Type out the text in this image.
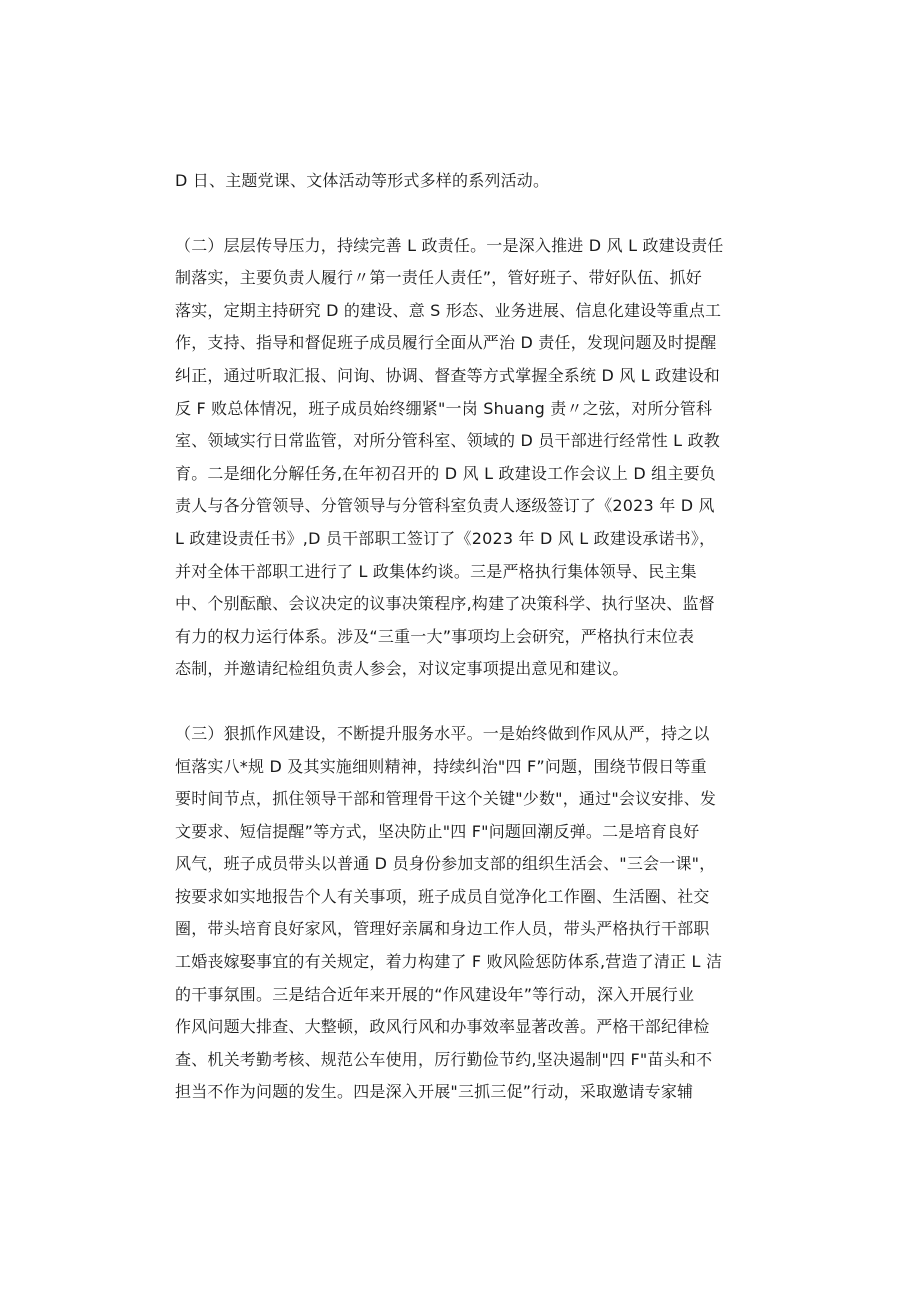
D 日、主题党课、文体活动等形式多样的系列活动。
（二）层层传导压力，持续完善 L 政责任。一是深入推进 D 风 L 政建设责任
制落实，主要负责人履行〃第一责任人责任”，管好班子、带好队伍、抓好
落实，定期主持研究 D 的建设、意 S 形态、业务进展、信息化建设等重点工
作，支持、指导和督促班子成员履行全面从严治 D 责任，发现问题及时提醒
纠正，通过听取汇报、问询、协调、督查等方式掌握全系统 D 风 L 政建设和
反 F 败总体情况，班子成员始终绷紧"一岗 Shuang 责〃之弦，对所分管科
室、领域实行日常监管，对所分管科室、领域的 D 员干部进行经常性 L 政教
育。二是细化分解任务,在年初召开的 D 风 L 政建设工作会议上 D 组主要负
责人与各分管领导、分管领导与分管科室负责人逐级签订了《2023 年 D 风
L 政建设责任书》,D 员干部职工签订了《2023 年 D 风 L 政建设承诺书》，
并对全体干部职工进行了 L 政集体约谈。三是严格执行集体领导、民主集
中、个别酝酿、会议决定的议事决策程序,构建了决策科学、执行坚决、监督
有力的权力运行体系。涉及“三重一大”事项均上会研究，严格执行末位表
态制，并邀请纪检组负责人参会，对议定事项提出意见和建议。
（三）狠抓作风建设，不断提升服务水平。一是始终做到作风从严，持之以
恒落实八*规 D 及其实施细则精神，持续纠治"四 F”问题，围绕节假日等重
要时间节点，抓住领导干部和管理骨干这个关键"少数"，通过"会议安排、发
文要求、短信提醒”等方式，坚决防止"四 F"问题回潮反弹。二是培育良好
风气，班子成员带头以普通 D 员身份参加支部的组织生活会、"三会一课"，
按要求如实地报告个人有关事项，班子成员自觉净化工作圈、生活圈、社交
圈，带头培育良好家风，管理好亲属和身边工作人员，带头严格执行干部职
工婚丧嫁娶事宜的有关规定，着力构建了 F 败风险惩防体系,营造了清正 L 洁
的干事氛围。三是结合近年来开展的“作风建设年”等行动，深入开展行业
作风问题大排查、大整顿，政风行风和办事效率显著改善。严格干部纪律检
查、机关考勤考核、规范公车使用，厉行勤俭节约,坚决遏制"四 F"苗头和不
担当不作为问题的发生。四是深入开展"三抓三促”行动，采取邀请专家辅
